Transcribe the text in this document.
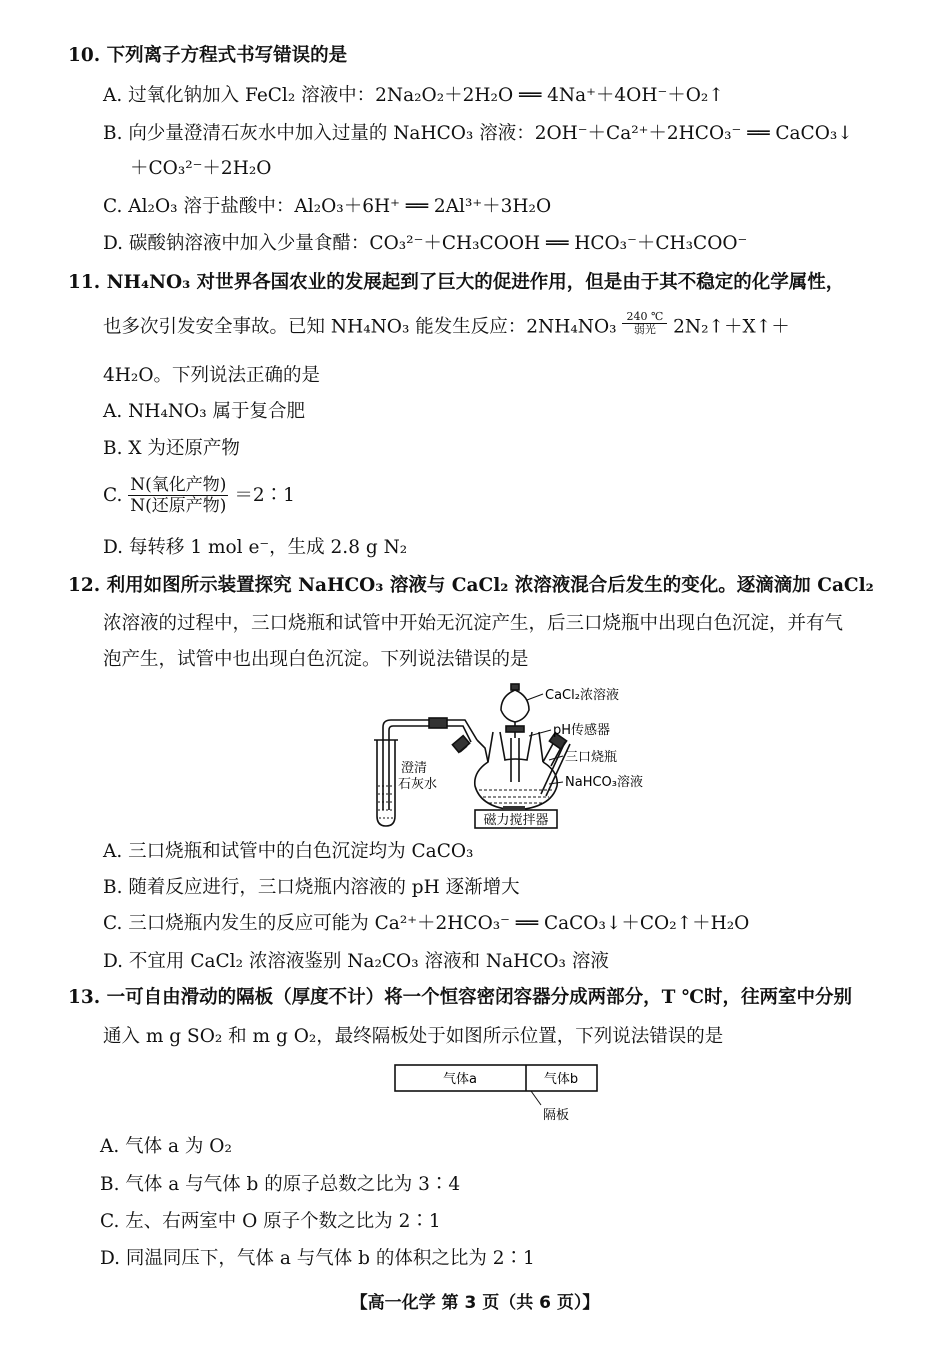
10. 下列离子方程式书写错误的是
A. 过氧化钠加入 FeCl₂ 溶液中：2Na₂O₂＋2H₂O ══ 4Na⁺＋4OH⁻＋O₂↑
B. 向少量澄清石灰水中加入过量的 NaHCO₃ 溶液：2OH⁻＋Ca²⁺＋2HCO₃⁻ ══ CaCO₃↓
＋CO₃²⁻＋2H₂O
C. Al₂O₃ 溶于盐酸中：Al₂O₃＋6H⁺ ══ 2Al³⁺＋3H₂O
D. 碳酸钠溶液中加入少量食醋：CO₃²⁻＋CH₃COOH ══ HCO₃⁻＋CH₃COO⁻
11. NH₄NO₃ 对世界各国农业的发展起到了巨大的促进作用，但是由于其不稳定的化学属性，
也多次引发安全事故。已知 NH₄NO₃ 能发生反应：2NH₄NO₃
240 ℃
弱光 2N₂↑＋X↑＋
4H₂O。下列说法正确的是
A. NH₄NO₃ 属于复合肥
B. X 为还原产物
C. $\frac{\text{N(氧化产物)}}{\text{N(还原产物)}}$ ＝2∶1
D. 每转移 1 mol e⁻，生成 2.8 g N₂
12. 利用如图所示装置探究 NaHCO₃ 溶液与 CaCl₂ 浓溶液混合后发生的变化。逐滴滴加 CaCl₂
浓溶液的过程中，三口烧瓶和试管中开始无沉淀产生，后三口烧瓶中出现白色沉淀，并有气
泡产生，试管中也出现白色沉淀。下列说法错误的是
磁力搅拌器
CaCl₂浓溶液
pH传感器
三口烧瓶
NaHCO₃溶液
澄清
石灰水
A. 三口烧瓶和试管中的白色沉淀均为 CaCO₃
B. 随着反应进行，三口烧瓶内溶液的 pH 逐渐增大
C. 三口烧瓶内发生的反应可能为 Ca²⁺＋2HCO₃⁻ ══ CaCO₃↓＋CO₂↑＋H₂O
D. 不宜用 CaCl₂ 浓溶液鉴别 Na₂CO₃ 溶液和 NaHCO₃ 溶液
13. 一可自由滑动的隔板（厚度不计）将一个恒容密闭容器分成两部分，T ℃时，往两室中分别
通入 m g SO₂ 和 m g O₂，最终隔板处于如图所示位置，下列说法错误的是
气体a	气体b
隔板
A. 气体 a 为 O₂
B. 气体 a 与气体 b 的原子总数之比为 3∶4
C. 左、右两室中 O 原子个数之比为 2∶1
D. 同温同压下，气体 a 与气体 b 的体积之比为 2∶1
【高一化学 第 3 页（共 6 页）】
